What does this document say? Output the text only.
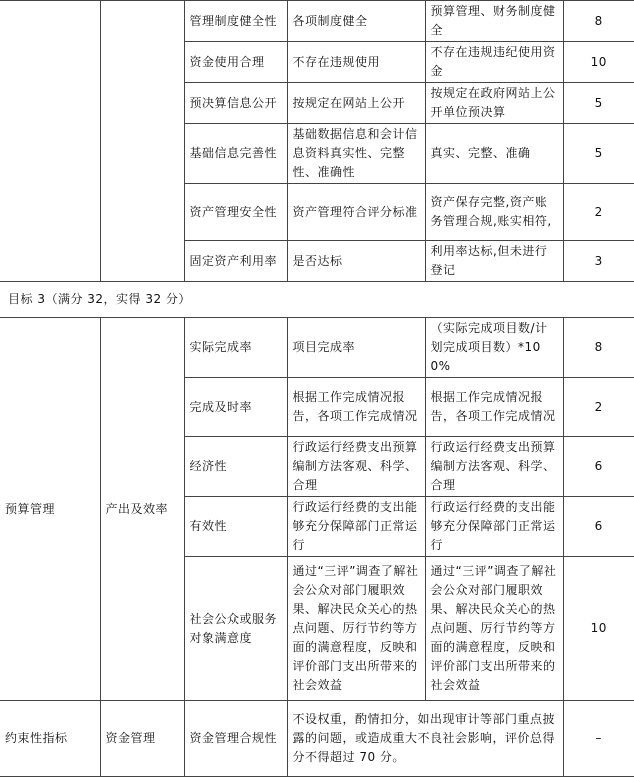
		管理制度健全性	各项制度健全	预算管理、财务制度健全	8
		资金使用合理	不存在违规使用	不存在违规违纪使用资金	10
		预决算信息公开	按规定在网站上公开	按规定在政府网站上公开单位预决算	5
		基础信息完善性	基础数据信息和会计信息资料真实性、完整性、准确性	真实、完整、准确	5
		资产管理安全性	资产管理符合评分标准	资产保存完整,资产账务管理合规,账实相符,	2
		固定资产利用率	是否达标	利用率达标,但未进行登记	3
目标 3（满分 32，实得 32 分）					
预算管理	产出及效率	实际完成率	项目完成率	（实际完成项目数/计划完成项目数）*100%	8
		完成及时率	根据工作完成情况报告，各项工作完成情况	根据工作完成情况报告，各项工作完成情况	2
		经济性	行政运行经费支出预算编制方法客观、科学、合理	行政运行经费支出预算编制方法客观、科学、合理	6
		有效性	行政运行经费的支出能够充分保障部门正常运行	行政运行经费的支出能够充分保障部门正常运行	6
		社会公众或服务对象满意度	通过“三评”调查了解社会公众对部门履职效果、解决民众关心的热点问题、厉行节约等方面的满意程度，反映和评价部门支出所带来的社会效益	通过“三评”调查了解社会公众对部门履职效果、解决民众关心的热点问题、厉行节约等方面的满意程度，反映和评价部门支出所带来的社会效益	10
约束性指标	资金管理	资金管理合规性	不设权重，酌情扣分，如出现审计等部门重点披露的问题，或造成重大不良社会影响，评价总得分不得超过 70 分。		–
